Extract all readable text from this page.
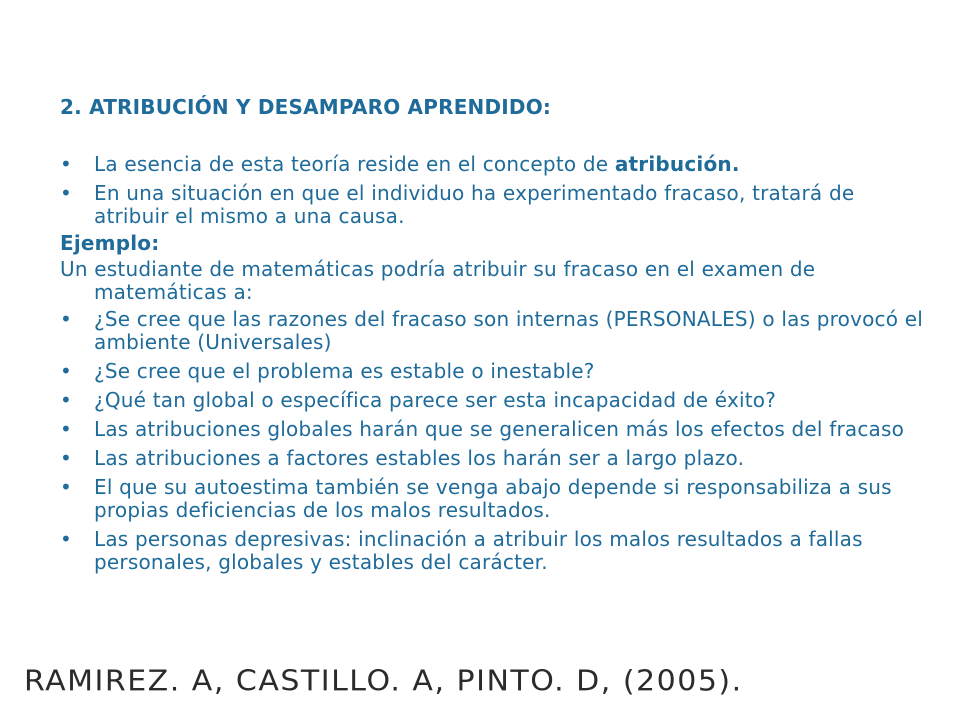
2. ATRIBUCIÓN Y DESAMPARO APRENDIDO:
• La esencia de esta teoría reside en el concepto de atribución.
• En una situación en que el individuo ha experimentado fracaso, tratará de atribuir el mismo a una causa.
Ejemplo:
Un estudiante de matemáticas podría atribuir su fracaso en el examen de matemáticas a:
• ¿Se cree que las razones del fracaso son internas (PERSONALES) o las provocó el ambiente (Universales)
• ¿Se cree que el problema es estable o inestable?
• ¿Qué tan global o específica parece ser esta incapacidad de éxito?
• Las atribuciones globales harán que se generalicen más los efectos del fracaso
• Las atribuciones a factores estables los harán ser a largo plazo.
• El que su autoestima también se venga abajo depende si responsabiliza a sus propias deficiencias de los malos resultados.
• Las personas depresivas: inclinación a atribuir los malos resultados a fallas personales, globales y estables del carácter.
RAMIREZ. A, CASTILLO. A, PINTO. D, (2005).
